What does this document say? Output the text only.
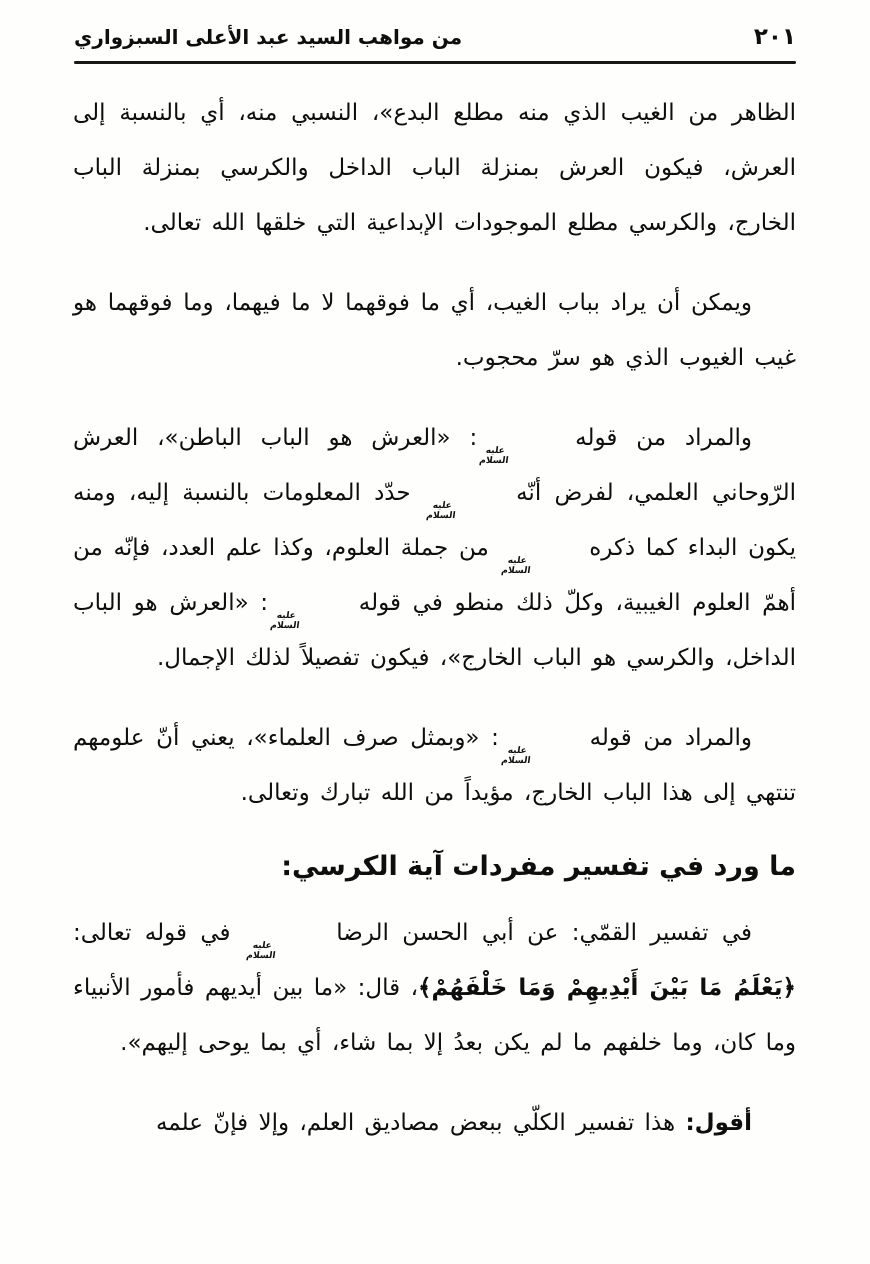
٢٠١
من مواهب السيد عبد الأعلى السبزواري

الظاهر من الغيب الذي منه مطلع البدع»، النسبي منه، أي بالنسبة إلى العرش، فيكون العرش بمنزلة الباب الداخل والكرسي بمنزلة الباب الخارج، والكرسي مطلع الموجودات الإبداعية التي خلقها الله تعالى.

ويمكن أن يراد بباب الغيب، أي ما فوقهما لا ما فيهما، وما فوقهما هو غيب الغيوب الذي هو سرّ محجوب.

والمراد من قوله
عليه
السلام
: «العرش هو الباب الباطن»، العرش الرّوحاني العلمي، لفرض أنّه
عليه
السلام
حدّد المعلومات بالنسبة إليه، ومنه يكون البداء كما ذكره
عليه
السلام
من جملة العلوم، وكذا علم العدد، فإنّه من أهمّ العلوم الغيبية، وكلّ ذلك منطو في قوله
عليه
السلام
: «العرش هو الباب الداخل، والكرسي هو الباب الخارج»، فيكون تفصيلاً لذلك الإجمال.

والمراد من قوله
عليه
السلام
: «وبمثل صرف العلماء»، يعني أنّ علومهم تنتهي إلى هذا الباب الخارج، مؤيداً من الله تبارك وتعالى.

ما ورد في تفسير مفردات آية الكرسي:

في تفسير القمّي: عن أبي الحسن الرضا
عليه
السلام
في قوله تعالى: ﴿يَعْلَمُ مَا بَيْنَ أَيْدِيهِمْ وَمَا خَلْفَهُمْ﴾، قال: «ما بين أيديهم فأمور الأنبياء وما كان، وما خلفهم ما لم يكن بعدُ إلا بما شاء، أي بما يوحى إليهم».

أقول: هذا تفسير الكلّي ببعض مصاديق العلم، وإلا فإنّ علمه
